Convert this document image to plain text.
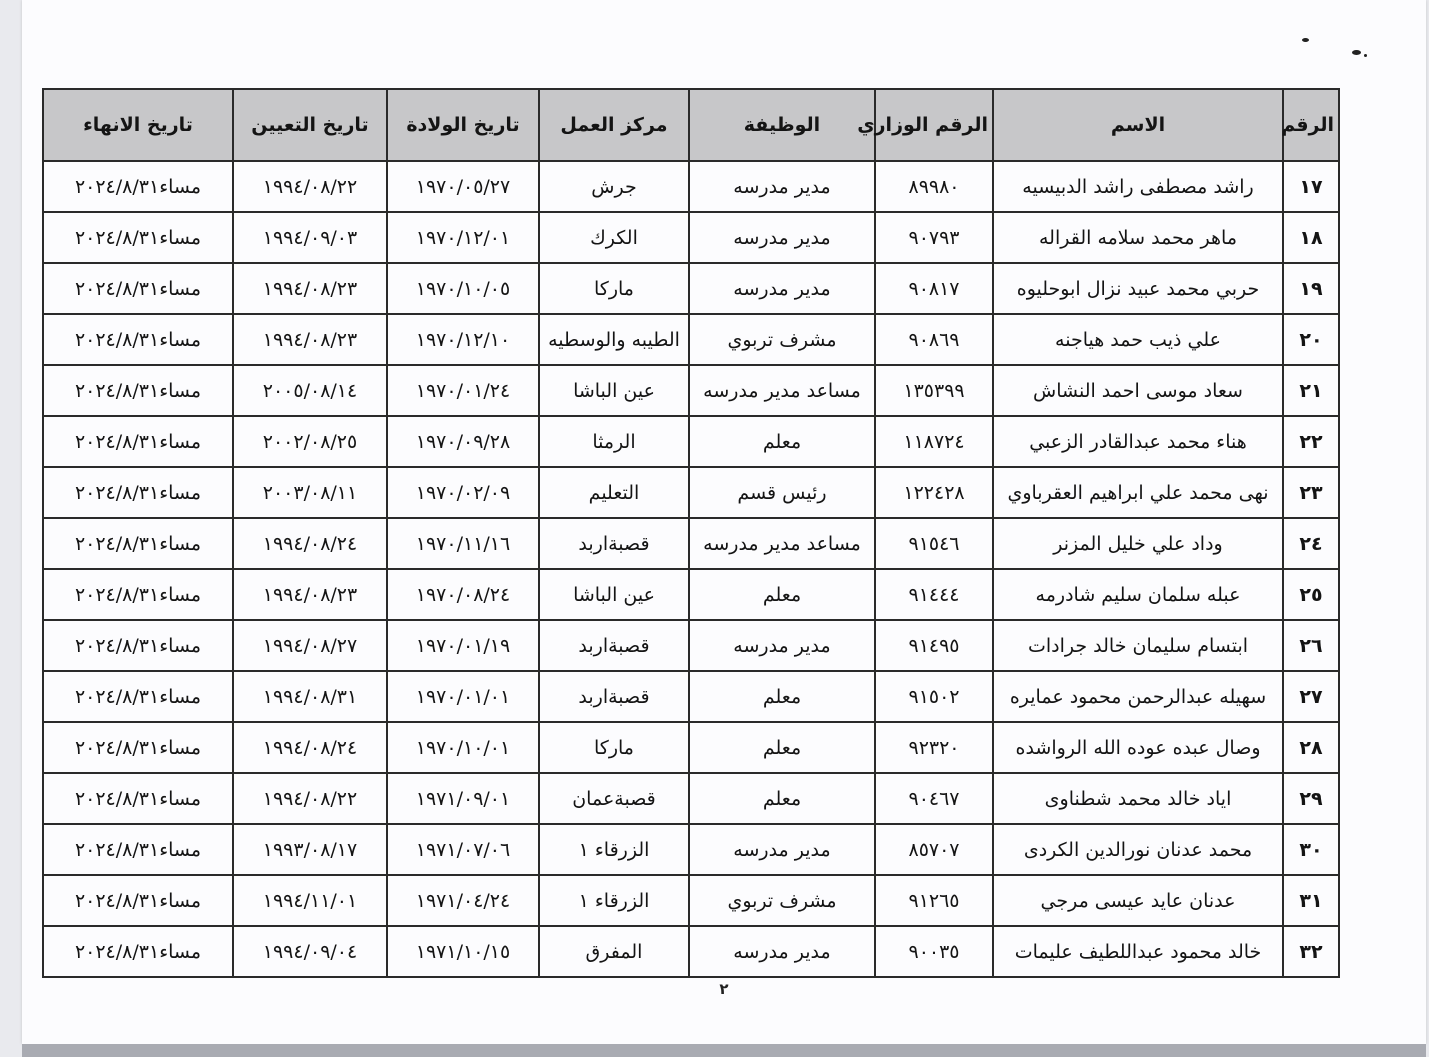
الرقم	الاسم	الرقم الوزاري	الوظيفة	مركز العمل	تاريخ الولادة	تاريخ التعيين	تاريخ الانهاء
١٧	راشد مصطفى راشد الدبيسيه	٨٩٩٨٠	مدير مدرسه	جرش	١٩٧٠/٠٥/٢٧	١٩٩٤/٠٨/٢٢	مساء٢٠٢٤/٨/٣١
١٨	ماهر محمد سلامه القراله	٩٠٧٩٣	مدير مدرسه	الكرك	١٩٧٠/١٢/٠١	١٩٩٤/٠٩/٠٣	مساء٢٠٢٤/٨/٣١
١٩	حربي محمد عبيد نزال ابوحليوه	٩٠٨١٧	مدير مدرسه	ماركا	١٩٧٠/١٠/٠٥	١٩٩٤/٠٨/٢٣	مساء٢٠٢٤/٨/٣١
٢٠	علي ذيب حمد هياجنه	٩٠٨٦٩	مشرف تربوي	الطيبه والوسطيه	١٩٧٠/١٢/١٠	١٩٩٤/٠٨/٢٣	مساء٢٠٢٤/٨/٣١
٢١	سعاد موسى احمد النشاش	١٣٥٣٩٩	مساعد مدير مدرسه	عين الباشا	١٩٧٠/٠١/٢٤	٢٠٠٥/٠٨/١٤	مساء٢٠٢٤/٨/٣١
٢٢	هناء محمد عبدالقادر الزعبي	١١٨٧٢٤	معلم	الرمثا	١٩٧٠/٠٩/٢٨	٢٠٠٢/٠٨/٢٥	مساء٢٠٢٤/٨/٣١
٢٣	نهى محمد علي ابراهيم العقرباوي	١٢٢٤٢٨	رئيس قسم	التعليم	١٩٧٠/٠٢/٠٩	٢٠٠٣/٠٨/١١	مساء٢٠٢٤/٨/٣١
٢٤	وداد علي خليل المزنر	٩١٥٤٦	مساعد مدير مدرسه	قصبةاربد	١٩٧٠/١١/١٦	١٩٩٤/٠٨/٢٤	مساء٢٠٢٤/٨/٣١
٢٥	عبله سلمان سليم شادرمه	٩١٤٤٤	معلم	عين الباشا	١٩٧٠/٠٨/٢٤	١٩٩٤/٠٨/٢٣	مساء٢٠٢٤/٨/٣١
٢٦	ابتسام سليمان خالد جرادات	٩١٤٩٥	مدير مدرسه	قصبةاربد	١٩٧٠/٠١/١٩	١٩٩٤/٠٨/٢٧	مساء٢٠٢٤/٨/٣١
٢٧	سهيله عبدالرحمن محمود عمايره	٩١٥٠٢	معلم	قصبةاربد	١٩٧٠/٠١/٠١	١٩٩٤/٠٨/٣١	مساء٢٠٢٤/٨/٣١
٢٨	وصال عبده عوده الله الرواشده	٩٢٣٢٠	معلم	ماركا	١٩٧٠/١٠/٠١	١٩٩٤/٠٨/٢٤	مساء٢٠٢٤/٨/٣١
٢٩	اياد خالد محمد شطناوى	٩٠٤٦٧	معلم	قصبةعمان	١٩٧١/٠٩/٠١	١٩٩٤/٠٨/٢٢	مساء٢٠٢٤/٨/٣١
٣٠	محمد عدنان نورالدين الكردى	٨٥٧٠٧	مدير مدرسه	الزرقاء ١	١٩٧١/٠٧/٠٦	١٩٩٣/٠٨/١٧	مساء٢٠٢٤/٨/٣١
٣١	عدنان عايد عيسى مرجي	٩١٢٦٥	مشرف تربوي	الزرقاء ١	١٩٧١/٠٤/٢٤	١٩٩٤/١١/٠١	مساء٢٠٢٤/٨/٣١
٣٢	خالد محمود عبداللطيف عليمات	٩٠٠٣٥	مدير مدرسه	المفرق	١٩٧١/١٠/١٥	١٩٩٤/٠٩/٠٤	مساء٢٠٢٤/٨/٣١
٢
